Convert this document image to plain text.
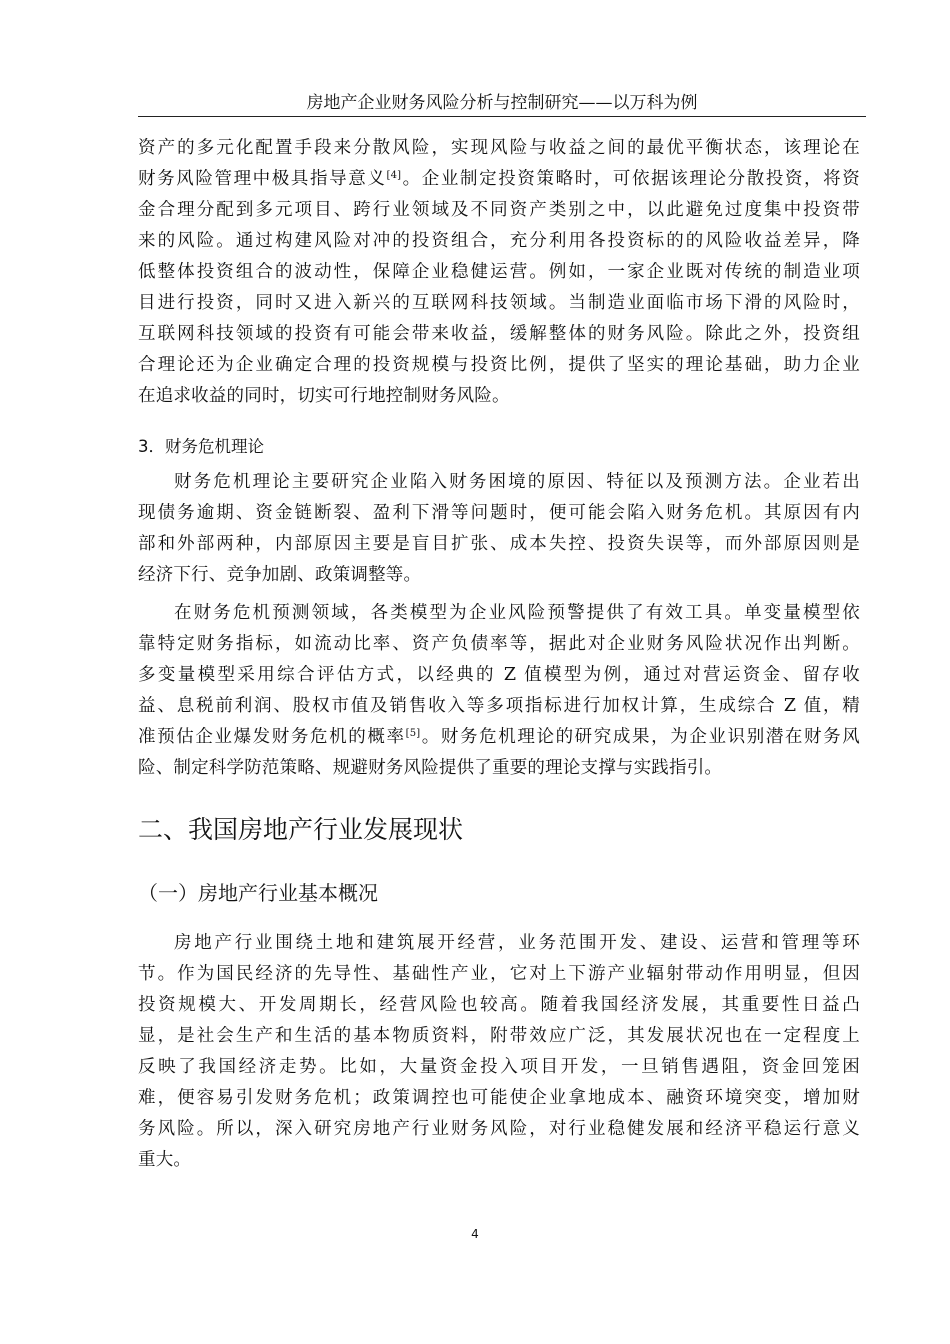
房地产企业财务风险分析与控制研究——以万科为例
资产的多元化配置手段来分散风险，实现风险与收益之间的最优平衡状态，该理论在
财务风险管理中极具指导意义[4]。企业制定投资策略时，可依据该理论分散投资，将资
金合理分配到多元项目、跨行业领域及不同资产类别之中，以此避免过度集中投资带
来的风险。通过构建风险对冲的投资组合，充分利用各投资标的的风险收益差异，降
低整体投资组合的波动性，保障企业稳健运营。例如，一家企业既对传统的制造业项
目进行投资，同时又进入新兴的互联网科技领域。当制造业面临市场下滑的风险时，
互联网科技领域的投资有可能会带来收益，缓解整体的财务风险。除此之外，投资组
合理论还为企业确定合理的投资规模与投资比例，提供了坚实的理论基础，助力企业
在追求收益的同时，切实可行地控制财务风险。
3．财务危机理论
财务危机理论主要研究企业陷入财务困境的原因、特征以及预测方法。企业若出
现债务逾期、资金链断裂、盈利下滑等问题时，便可能会陷入财务危机。其原因有内
部和外部两种，内部原因主要是盲目扩张、成本失控、投资失误等，而外部原因则是
经济下行、竞争加剧、政策调整等。
在财务危机预测领域，各类模型为企业风险预警提供了有效工具。单变量模型依
靠特定财务指标，如流动比率、资产负债率等，据此对企业财务风险状况作出判断。
多变量模型采用综合评估方式，以经典的 Z 值模型为例，通过对营运资金、留存收
益、息税前利润、股权市值及销售收入等多项指标进行加权计算，生成综合 Z 值，精
准预估企业爆发财务危机的概率[5]。财务危机理论的研究成果，为企业识别潜在财务风
险、制定科学防范策略、规避财务风险提供了重要的理论支撑与实践指引。
二、我国房地产行业发展现状
（一）房地产行业基本概况
房地产行业围绕土地和建筑展开经营，业务范围开发、建设、运营和管理等环
节。作为国民经济的先导性、基础性产业，它对上下游产业辐射带动作用明显，但因
投资规模大、开发周期长，经营风险也较高。随着我国经济发展，其重要性日益凸
显，是社会生产和生活的基本物质资料，附带效应广泛，其发展状况也在一定程度上
反映了我国经济走势。比如，大量资金投入项目开发，一旦销售遇阻，资金回笼困
难，便容易引发财务危机；政策调控也可能使企业拿地成本、融资环境突变，增加财
务风险。所以，深入研究房地产行业财务风险，对行业稳健发展和经济平稳运行意义
重大。
4
